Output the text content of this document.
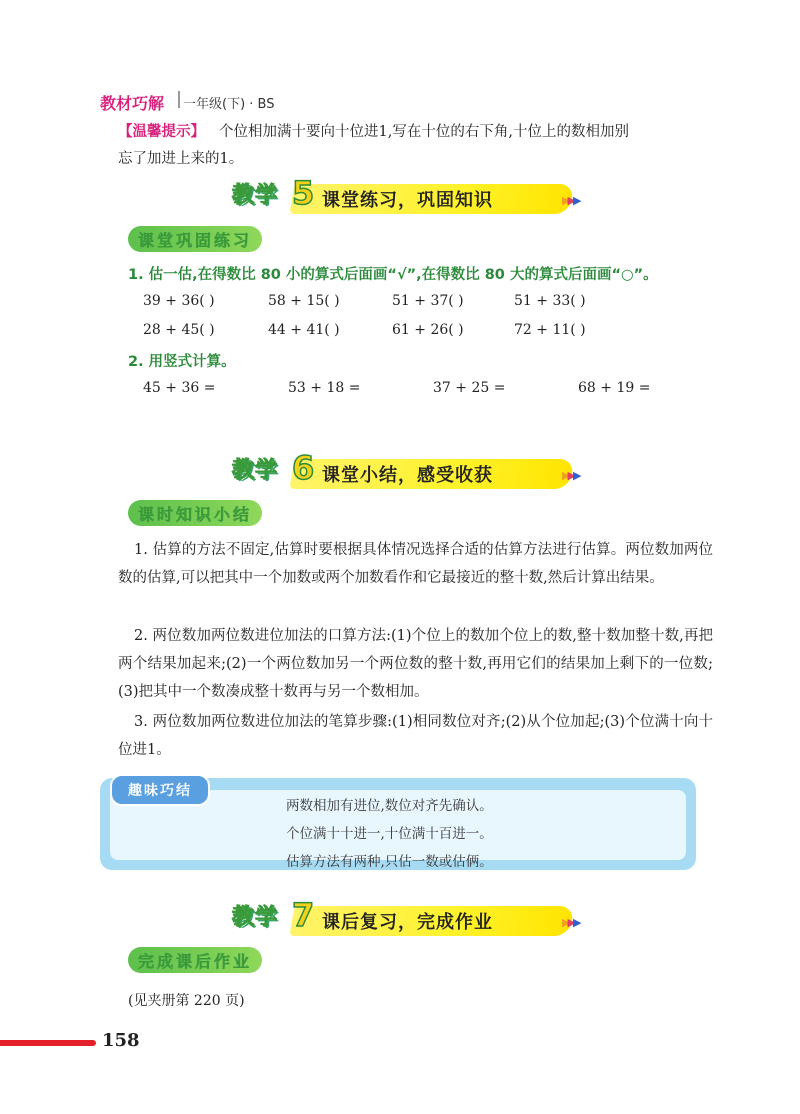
教材巧解 一年级(下) · BS
【温馨提示】 个位相加满十要向十位进1,写在十位的右下角,十位上的数相加别
忘了加进上来的1。
教学 5 课堂练习，巩固知识	▶▶▶
课堂巩固练习
1. 估一估,在得数比 80 小的算式后面画“√”,在得数比 80 大的算式后面画“○”。
39 + 36( )	58 + 15( )	51 + 37( )	51 + 33( )
28 + 45( )	44 + 41( )	61 + 26( )	72 + 11( )
2. 用竖式计算。
45 + 36 =	53 + 18 =	37 + 25 =	68 + 19 =
教学 6 课堂小结，感受收获	▶▶▶
课时知识小结
1. 估算的方法不固定,估算时要根据具体情况选择合适的估算方法进行估算。两位数加两位数的估算,可以把其中一个加数或两个加数看作和它最接近的整十数,然后计算出结果。
2. 两位数加两位数进位加法的口算方法:(1)个位上的数加个位上的数,整十数加整十数,再把两个结果加起来;(2)一个两位数加另一个两位数的整十数,再用它们的结果加上剩下的一位数;(3)把其中一个数凑成整十数再与另一个数相加。
3. 两位数加两位数进位加法的笔算步骤:(1)相同数位对齐;(2)从个位加起;(3)个位满十向十位进1。
趣味巧结
两数相加有进位,数位对齐先确认。
个位满十十进一,十位满十百进一。
估算方法有两种,只估一数或估俩。
教学 7 课后复习，完成作业	▶▶▶
完成课后作业
(见夹册第 220 页)
158
